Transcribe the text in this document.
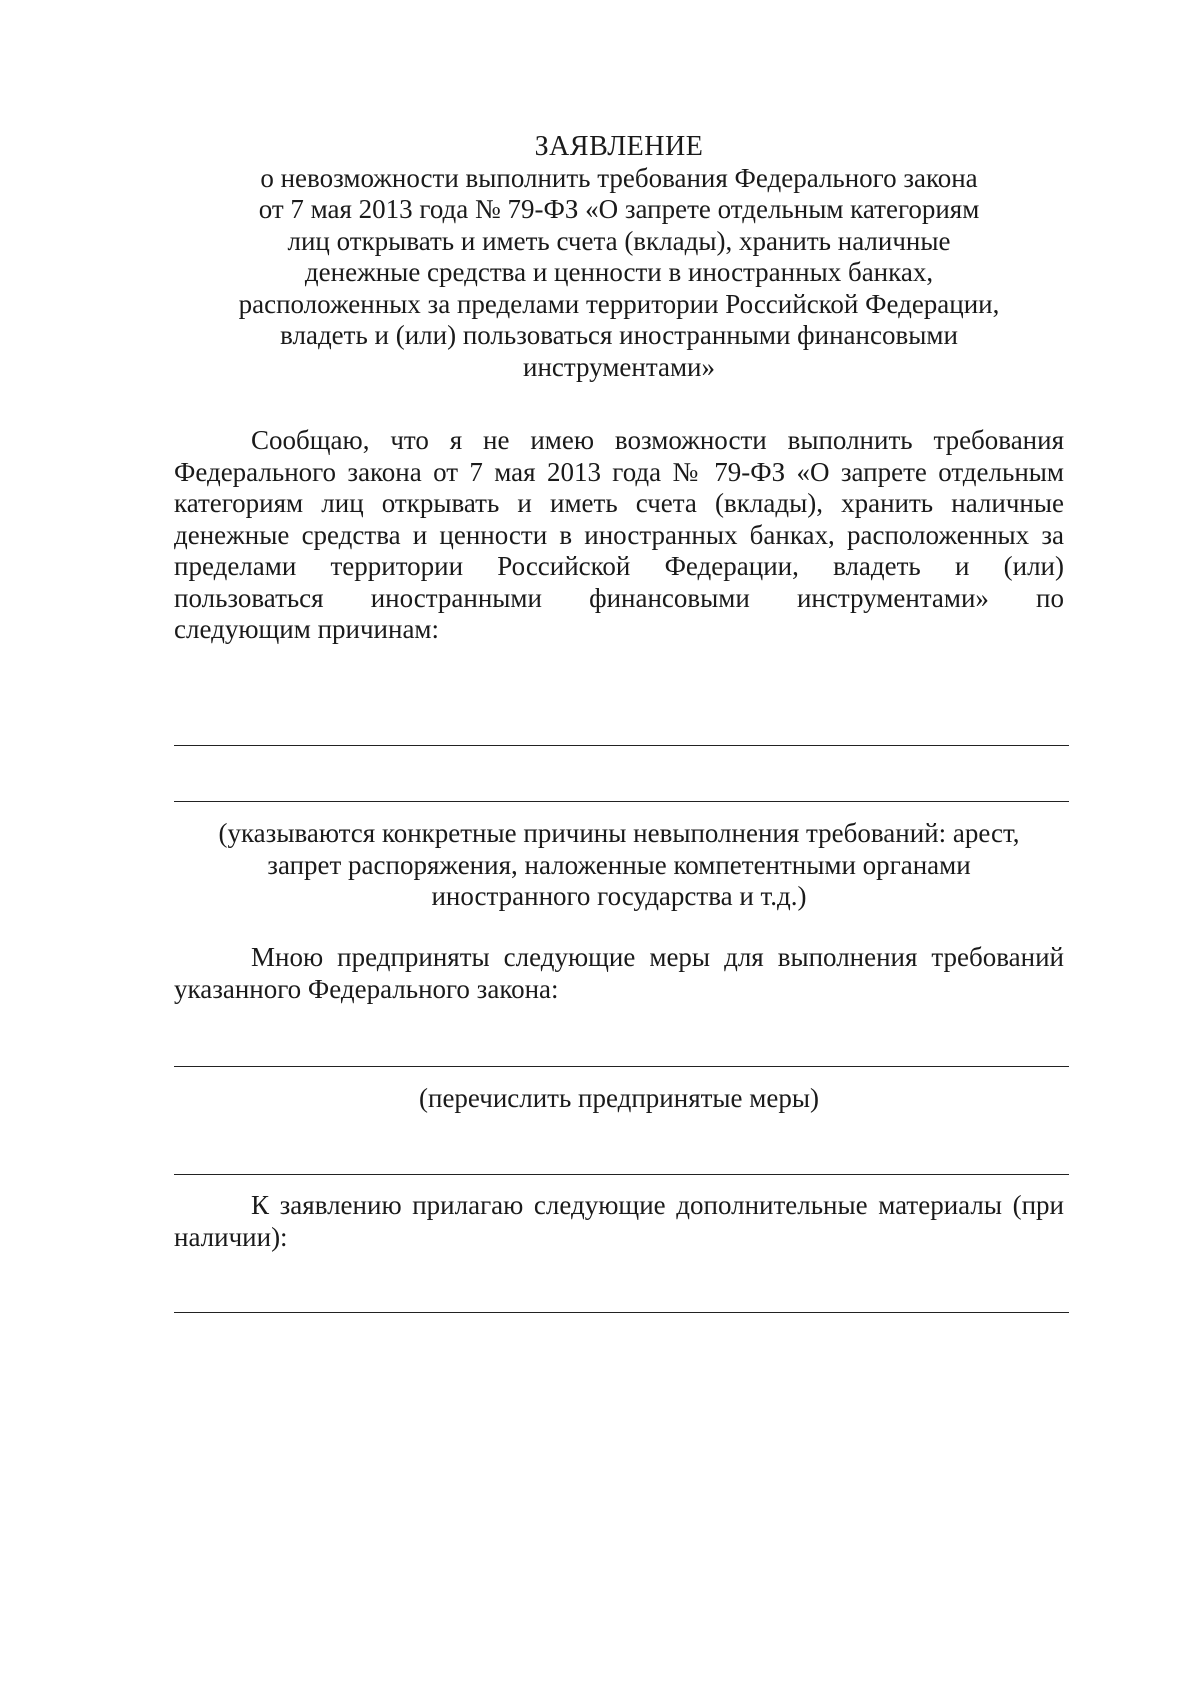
ЗАЯВЛЕНИЕ
о невозможности выполнить требования Федерального закона
от 7 мая 2013 года № 79-ФЗ «О запрете отдельным категориям
лиц открывать и иметь счета (вклады), хранить наличные
денежные средства и ценности в иностранных банках,
расположенных за пределами территории Российской Федерации,
владеть и (или) пользоваться иностранными финансовыми
инструментами»
Сообщаю, что я не имею возможности выполнить требования
Федерального закона от 7 мая 2013 года № 79-ФЗ «О запрете отдельным
категориям лиц открывать и иметь счета (вклады), хранить наличные
денежные средства и ценности в иностранных банках, расположенных за
пределами территории Российской Федерации, владеть и (или)
пользоваться иностранными финансовыми инструментами» по
следующим причинам:
(указываются конкретные причины невыполнения требований: арест,
запрет распоряжения, наложенные компетентными органами
иностранного государства и т.д.)
Мною предприняты следующие меры для выполнения требований
указанного Федерального закона:
(перечислить предпринятые меры)
К заявлению прилагаю следующие дополнительные материалы (при
наличии):
